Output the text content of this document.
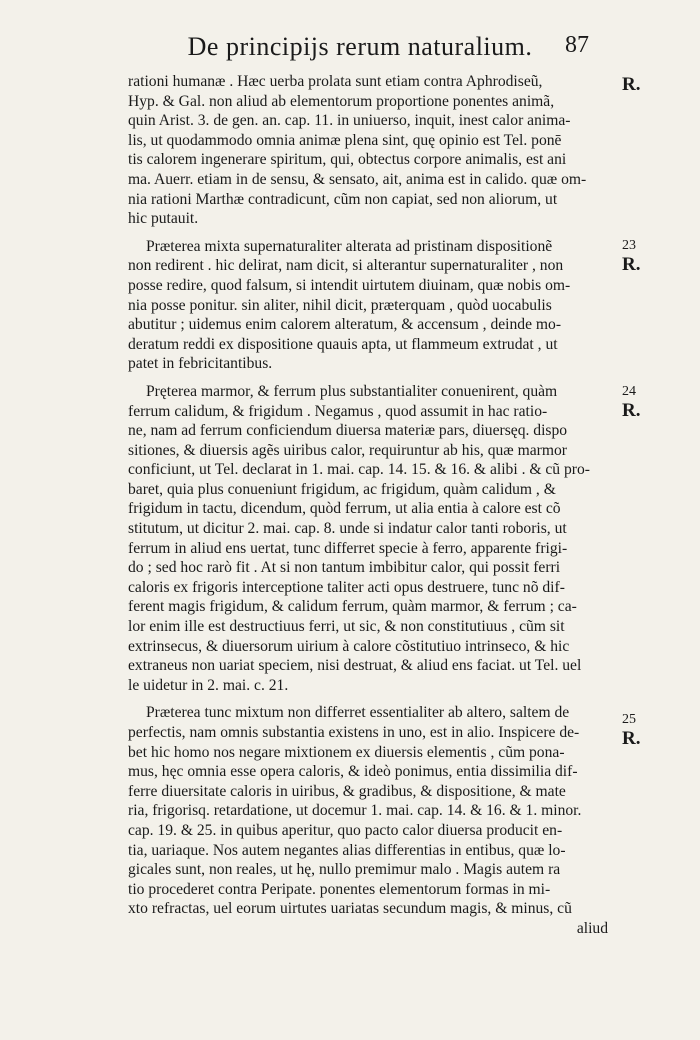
De principijs rerum naturalium.	87
R.
23
R.
24
R.
25
R.
rationi humanæ . Hæc uerba prolata sunt etiam contra Aphrodiseũ,
Hyp. & Gal. non aliud ab elementorum proportione ponentes animã,
quin Arist. 3. de gen. an. cap. 11. in uniuerso, inquit, inest calor anima-
lis, ut quodammodo omnia animæ plena sint, quę opinio est Tel. ponē
tis calorem ingenerare spiritum, qui, obtectus corpore animalis, est ani
ma. Auerr. etiam in de sensu, & sensato, ait, anima est in calido. quæ om-
nia rationi Marthæ contradicunt, cũm non capiat, sed non aliorum, ut
hic putauit.
Præterea mixta supernaturaliter alterata ad pristinam dispositionẽ
non redirent . hic delirat, nam dicit, si alterantur supernaturaliter , non
posse redire, quod falsum, si intendit uirtutem diuinam, quæ nobis om-
nia posse ponitur. sin aliter, nihil dicit, præterquam , quòd uocabulis
abutitur ; uidemus enim calorem alteratum, & accensum , deinde mo-
deratum reddi ex dispositione quauis apta, ut flammeum extrudat , ut
patet in febricitantibus.
Pręterea marmor, & ferrum plus substantialiter conuenirent, quàm
ferrum calidum, & frigidum . Negamus , quod assumit in hac ratio-
ne, nam ad ferrum conficiendum diuersa materiæ pars, diuersęq. dispo
sitiones, & diuersis agẽs uiribus calor, requiruntur ab his, quæ marmor
conficiunt, ut Tel. declarat in 1. mai. cap. 14. 15. & 16. & alibi . & cũ pro-
baret, quia plus conueniunt frigidum, ac frigidum, quàm calidum , &
frigidum in tactu, dicendum, quòd ferrum, ut alia entia à calore est cõ
stitutum, ut dicitur 2. mai. cap. 8. unde si indatur calor tanti roboris, ut
ferrum in aliud ens uertat, tunc differret specie à ferro, apparente frigi-
do ; sed hoc rarò fit . At si non tantum imbibitur calor, qui possit ferri
caloris ex frigoris interceptione taliter acti opus destruere, tunc nõ dif-
ferent magis frigidum, & calidum ferrum, quàm marmor, & ferrum ; ca-
lor enim ille est destructiuus ferri, ut sic, & non constitutiuus , cũm sit
extrinsecus, & diuersorum uirium à calore cõstitutiuo intrinseco, & hic
extraneus non uariat speciem, nisi destruat, & aliud ens faciat. ut Tel. uel
le uidetur in 2. mai. c. 21.
Præterea tunc mixtum non differret essentialiter ab altero, saltem de
perfectis, nam omnis substantia existens in uno, est in alio. Inspicere de-
bet hic homo nos negare mixtionem ex diuersis elementis , cũm pona-
mus, hęc omnia esse opera caloris, & ideò ponimus, entia dissimilia dif-
ferre diuersitate caloris in uiribus, & gradibus, & dispositione, & mate
ria, frigorisq. retardatione, ut docemur 1. mai. cap. 14. & 16. & 1. minor.
cap. 19. & 25. in quibus aperitur, quo pacto calor diuersa producit en-
tia, uariaque. Nos autem negantes alias differentias in entibus, quæ lo-
gicales sunt, non reales, ut hę, nullo premimur malo . Magis autem ra
tio procederet contra Peripate. ponentes elementorum formas in mi-
xto refractas, uel eorum uirtutes uariatas secundum magis, & minus, cũ
aliud
